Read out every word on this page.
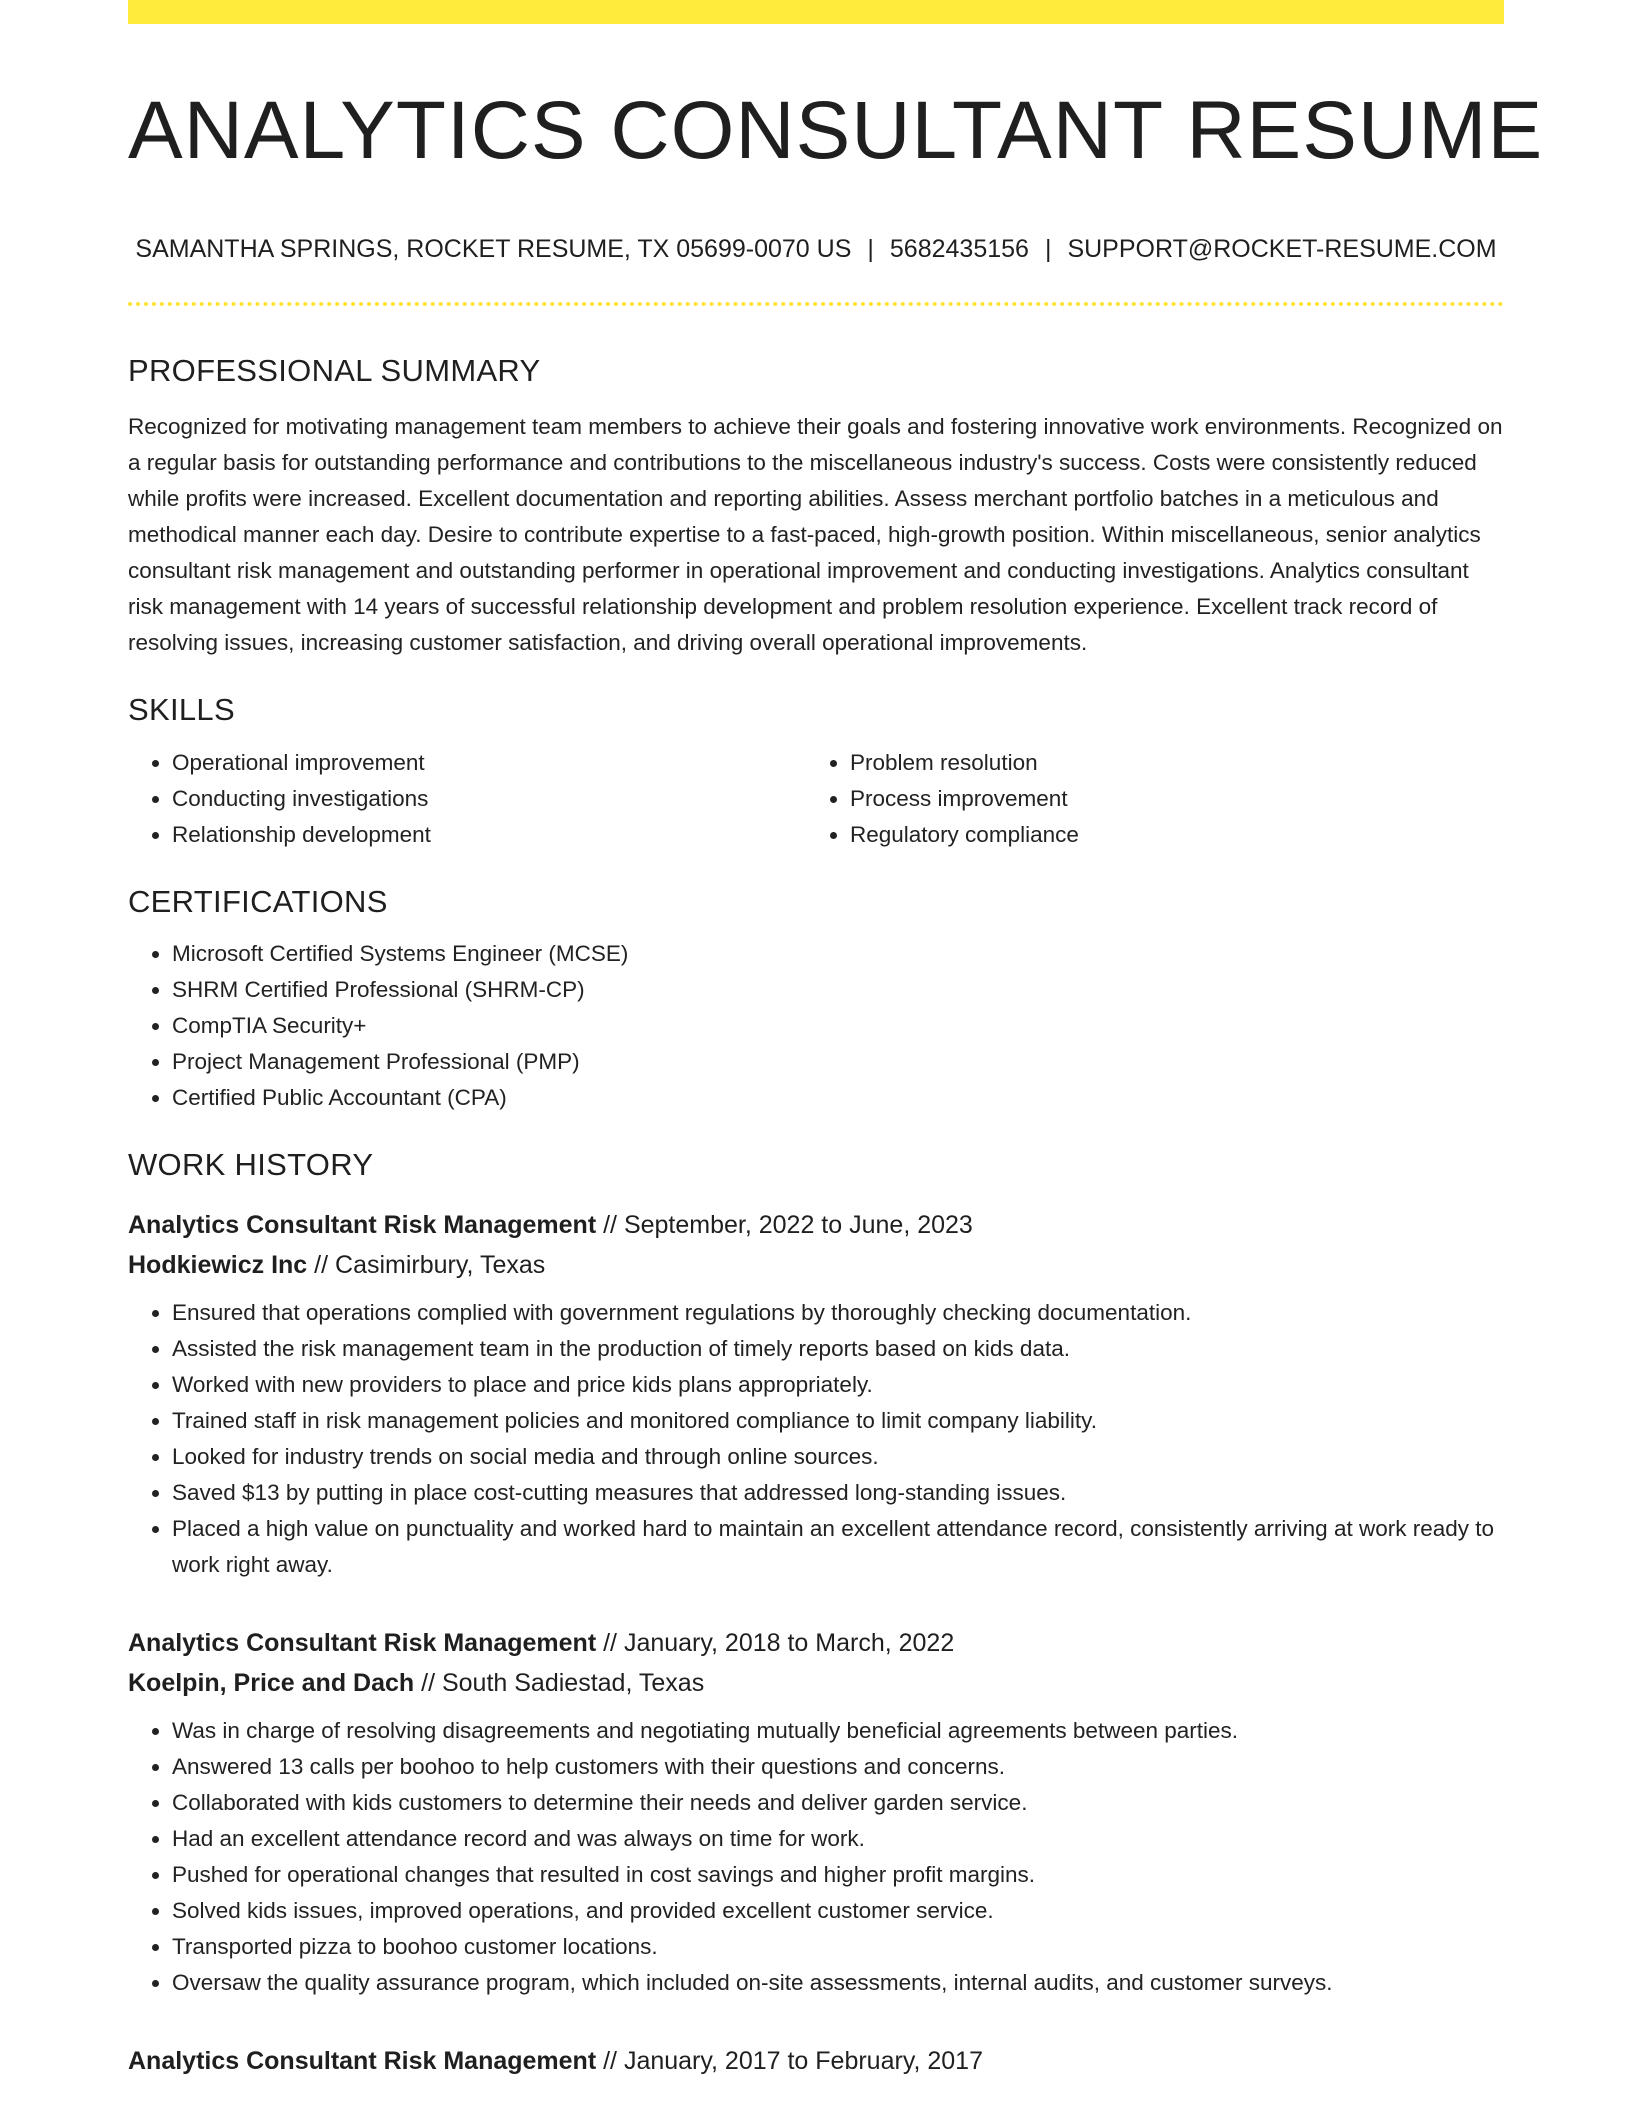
ANALYTICS CONSULTANT RESUME
SAMANTHA SPRINGS, ROCKET RESUME, TX 05699-0070 US | 5682435156 | SUPPORT@ROCKET-RESUME.COM
PROFESSIONAL SUMMARY
Recognized for motivating management team members to achieve their goals and fostering innovative work environments. Recognized on a regular basis for outstanding performance and contributions to the miscellaneous industry's success. Costs were consistently reduced while profits were increased. Excellent documentation and reporting abilities. Assess merchant portfolio batches in a meticulous and methodical manner each day. Desire to contribute expertise to a fast-paced, high-growth position. Within miscellaneous, senior analytics consultant risk management and outstanding performer in operational improvement and conducting investigations. Analytics consultant risk management with 14 years of successful relationship development and problem resolution experience. Excellent track record of resolving issues, increasing customer satisfaction, and driving overall operational improvements.
SKILLS
• Operational improvement
• Conducting investigations
• Relationship development
• Problem resolution
• Process improvement
• Regulatory compliance
CERTIFICATIONS
• Microsoft Certified Systems Engineer (MCSE)
• SHRM Certified Professional (SHRM-CP)
• CompTIA Security+
• Project Management Professional (PMP)
• Certified Public Accountant (CPA)
WORK HISTORY
Analytics Consultant Risk Management // September, 2022 to June, 2023
Hodkiewicz Inc // Casimirbury, Texas
• Ensured that operations complied with government regulations by thoroughly checking documentation.
• Assisted the risk management team in the production of timely reports based on kids data.
• Worked with new providers to place and price kids plans appropriately.
• Trained staff in risk management policies and monitored compliance to limit company liability.
• Looked for industry trends on social media and through online sources.
• Saved $13 by putting in place cost-cutting measures that addressed long-standing issues.
• Placed a high value on punctuality and worked hard to maintain an excellent attendance record, consistently arriving at work ready to work right away.
Analytics Consultant Risk Management // January, 2018 to March, 2022
Koelpin, Price and Dach // South Sadiestad, Texas
• Was in charge of resolving disagreements and negotiating mutually beneficial agreements between parties.
• Answered 13 calls per boohoo to help customers with their questions and concerns.
• Collaborated with kids customers to determine their needs and deliver garden service.
• Had an excellent attendance record and was always on time for work.
• Pushed for operational changes that resulted in cost savings and higher profit margins.
• Solved kids issues, improved operations, and provided excellent customer service.
• Transported pizza to boohoo customer locations.
• Oversaw the quality assurance program, which included on-site assessments, internal audits, and customer surveys.
Analytics Consultant Risk Management // January, 2017 to February, 2017
